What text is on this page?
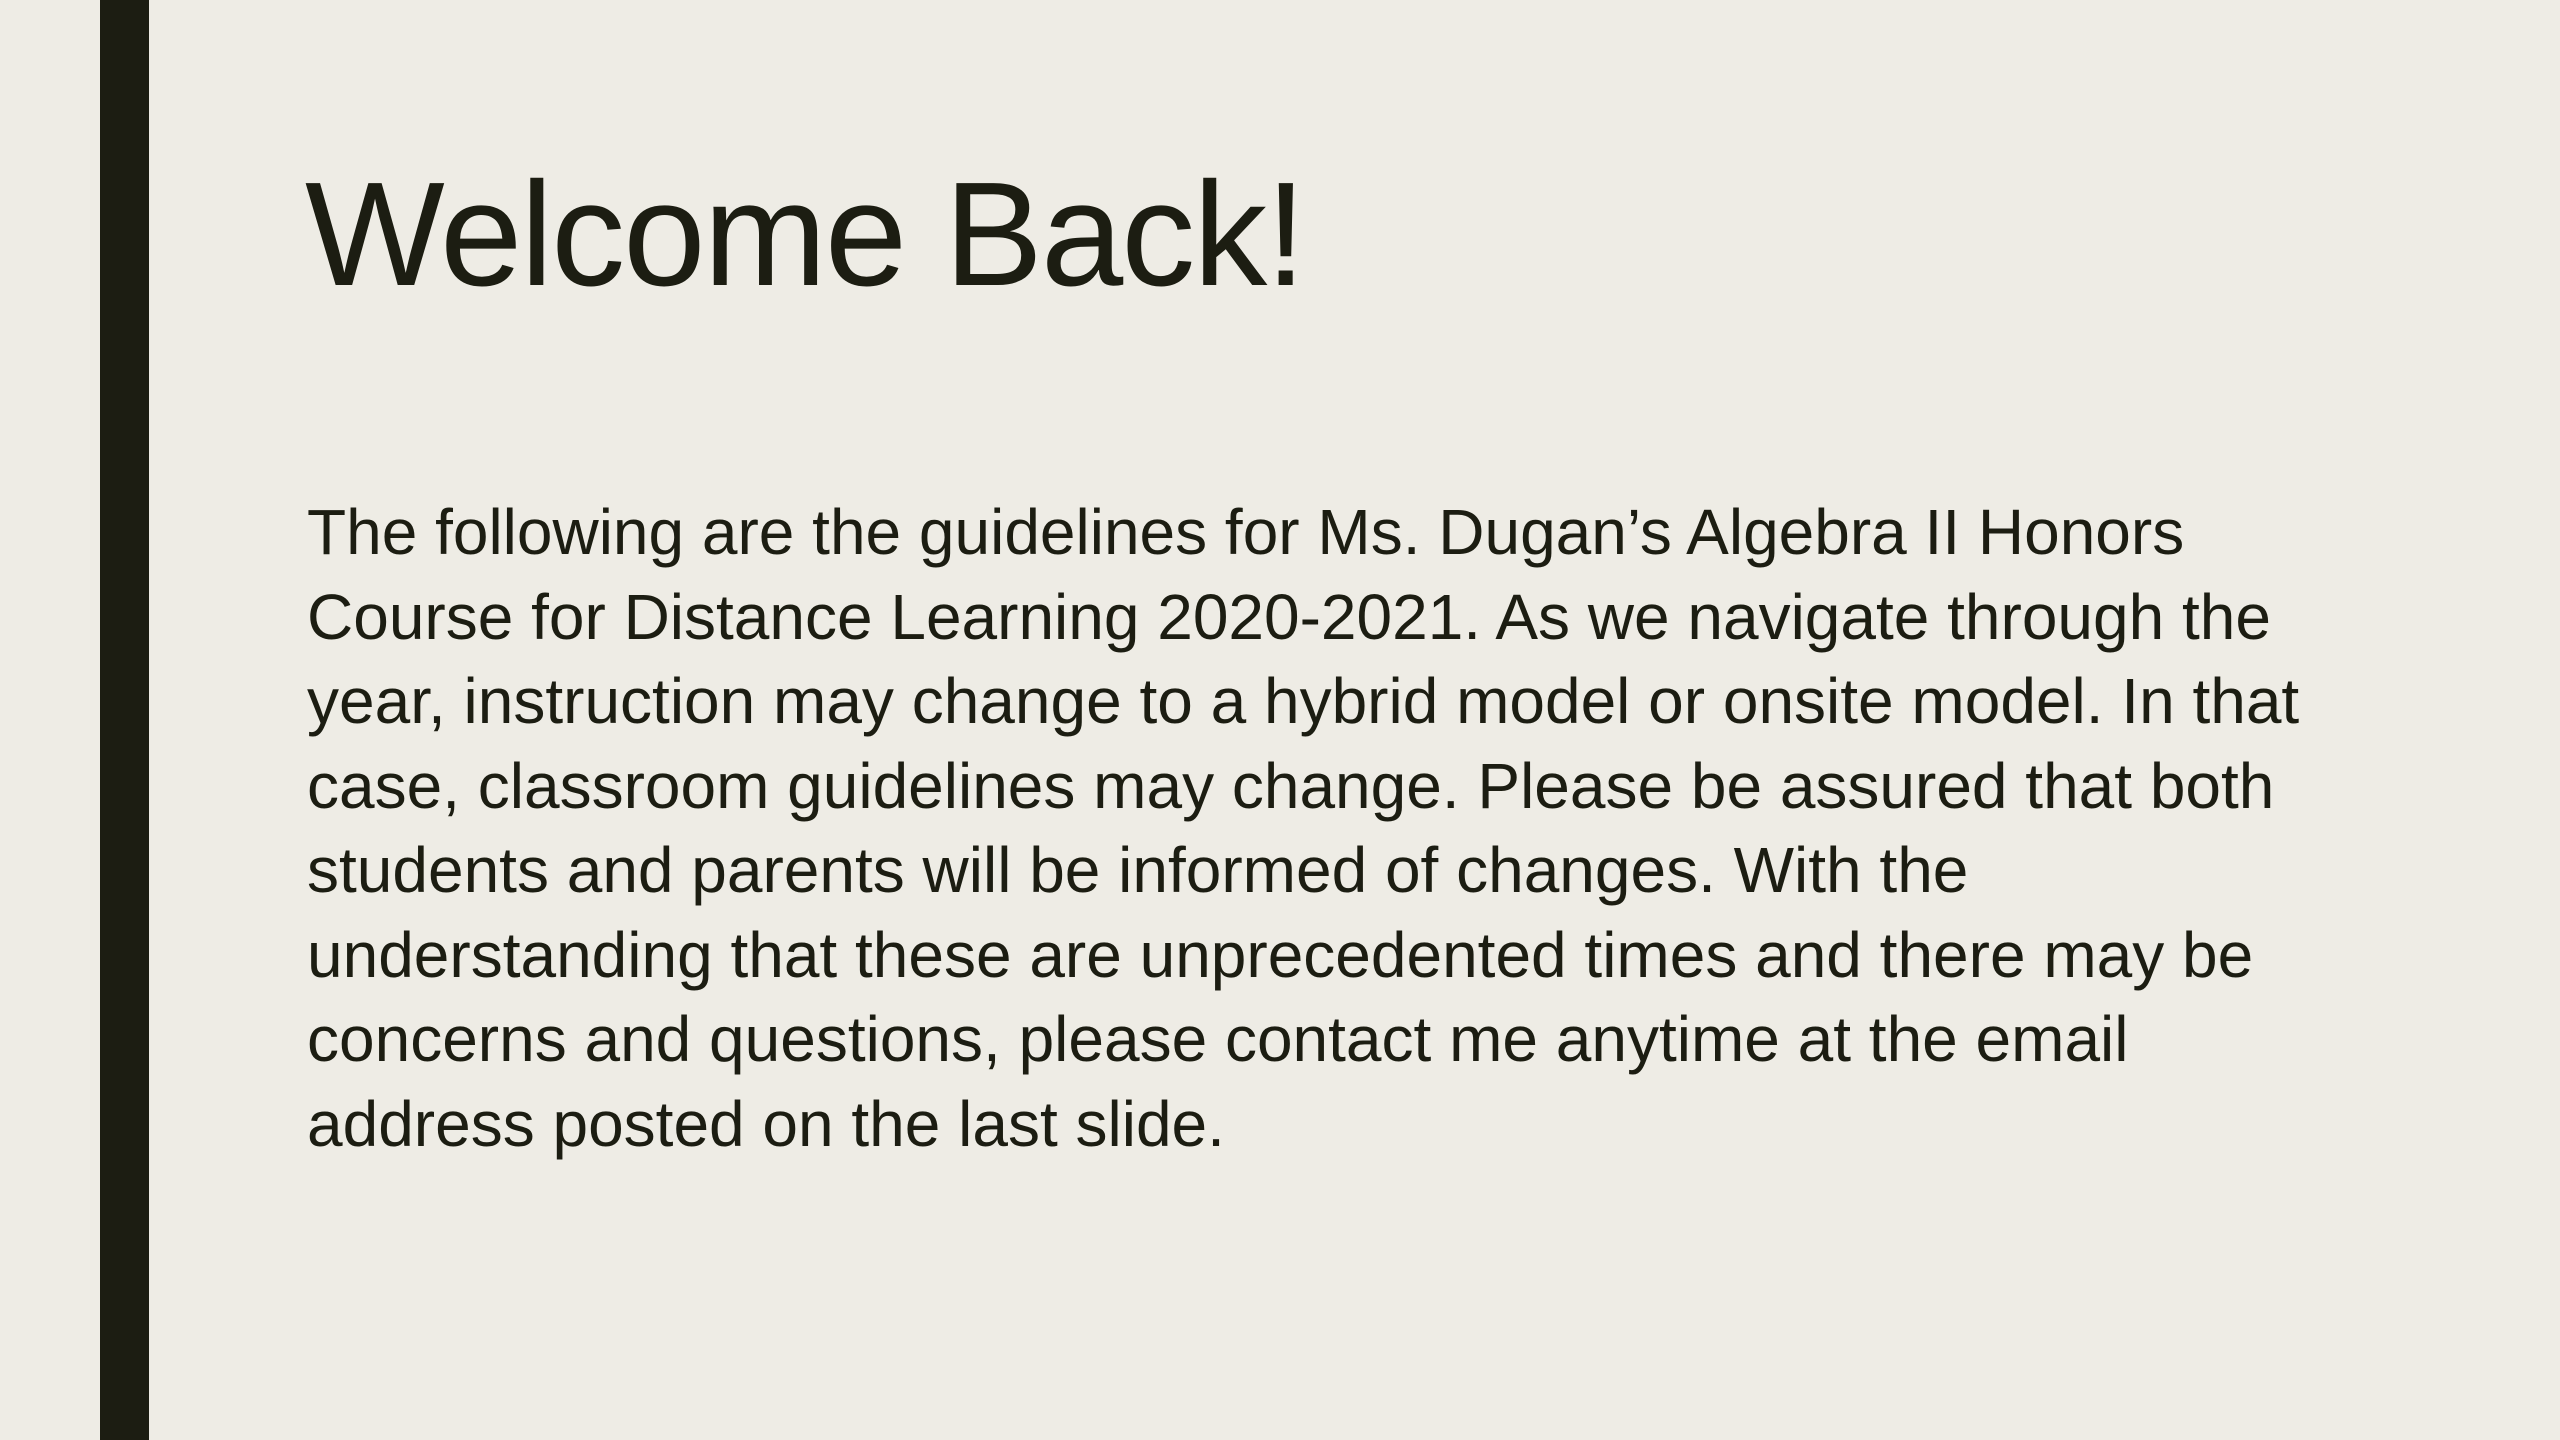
Welcome Back!

The following are the guidelines for Ms. Dugan’s Algebra II Honors Course for Distance Learning 2020-2021. As we navigate through the year, instruction may change to a hybrid model or onsite model. In that case, classroom guidelines may change. Please be assured that both students and parents will be informed of changes. With the understanding that these are unprecedented times and there may be concerns and questions, please contact me anytime at the email address posted on the last slide.
